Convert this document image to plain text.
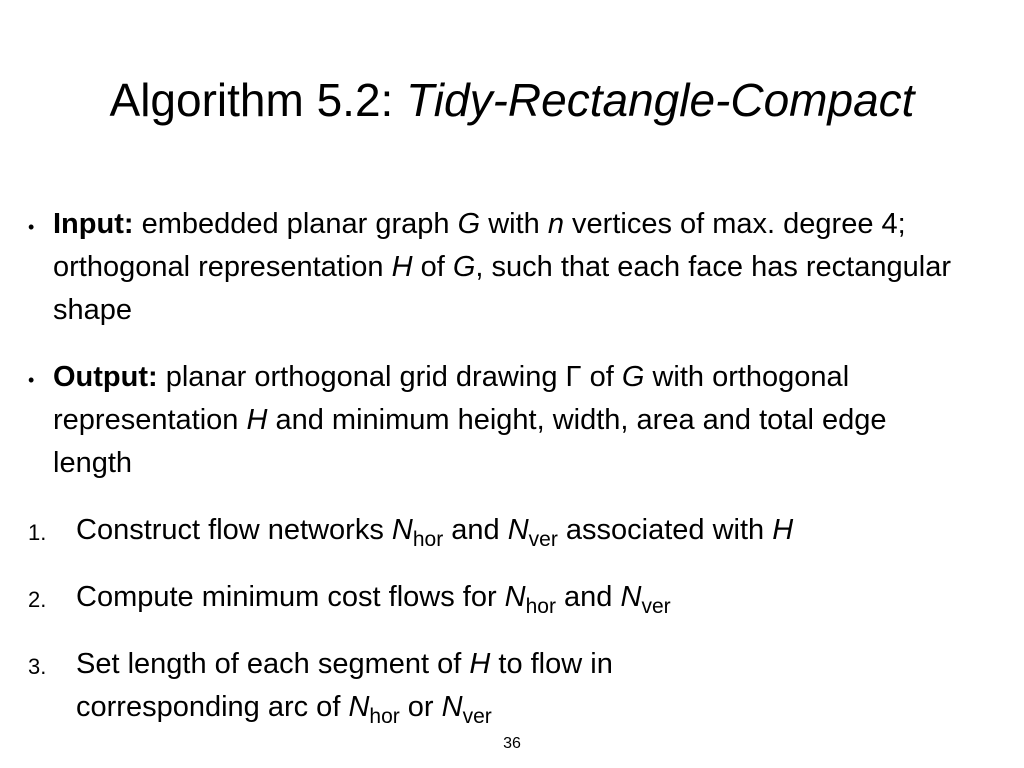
Algorithm 5.2: Tidy-Rectangle-Compact
• Input: embedded planar graph G with n vertices of max. degree 4; orthogonal representation H of G, such that each face has rectangular shape
• Output: planar orthogonal grid drawing Γ of G with orthogonal representation H and minimum height, width, area and total edge length
1. Construct flow networks $N_{hor}$ and $N_{ver}$ associated with H
2. Compute minimum cost flows for $N_{hor}$ and $N_{ver}$
3. Set length of each segment of H to flow in corresponding arc of $N_{hor}$ or $N_{ver}$
36
